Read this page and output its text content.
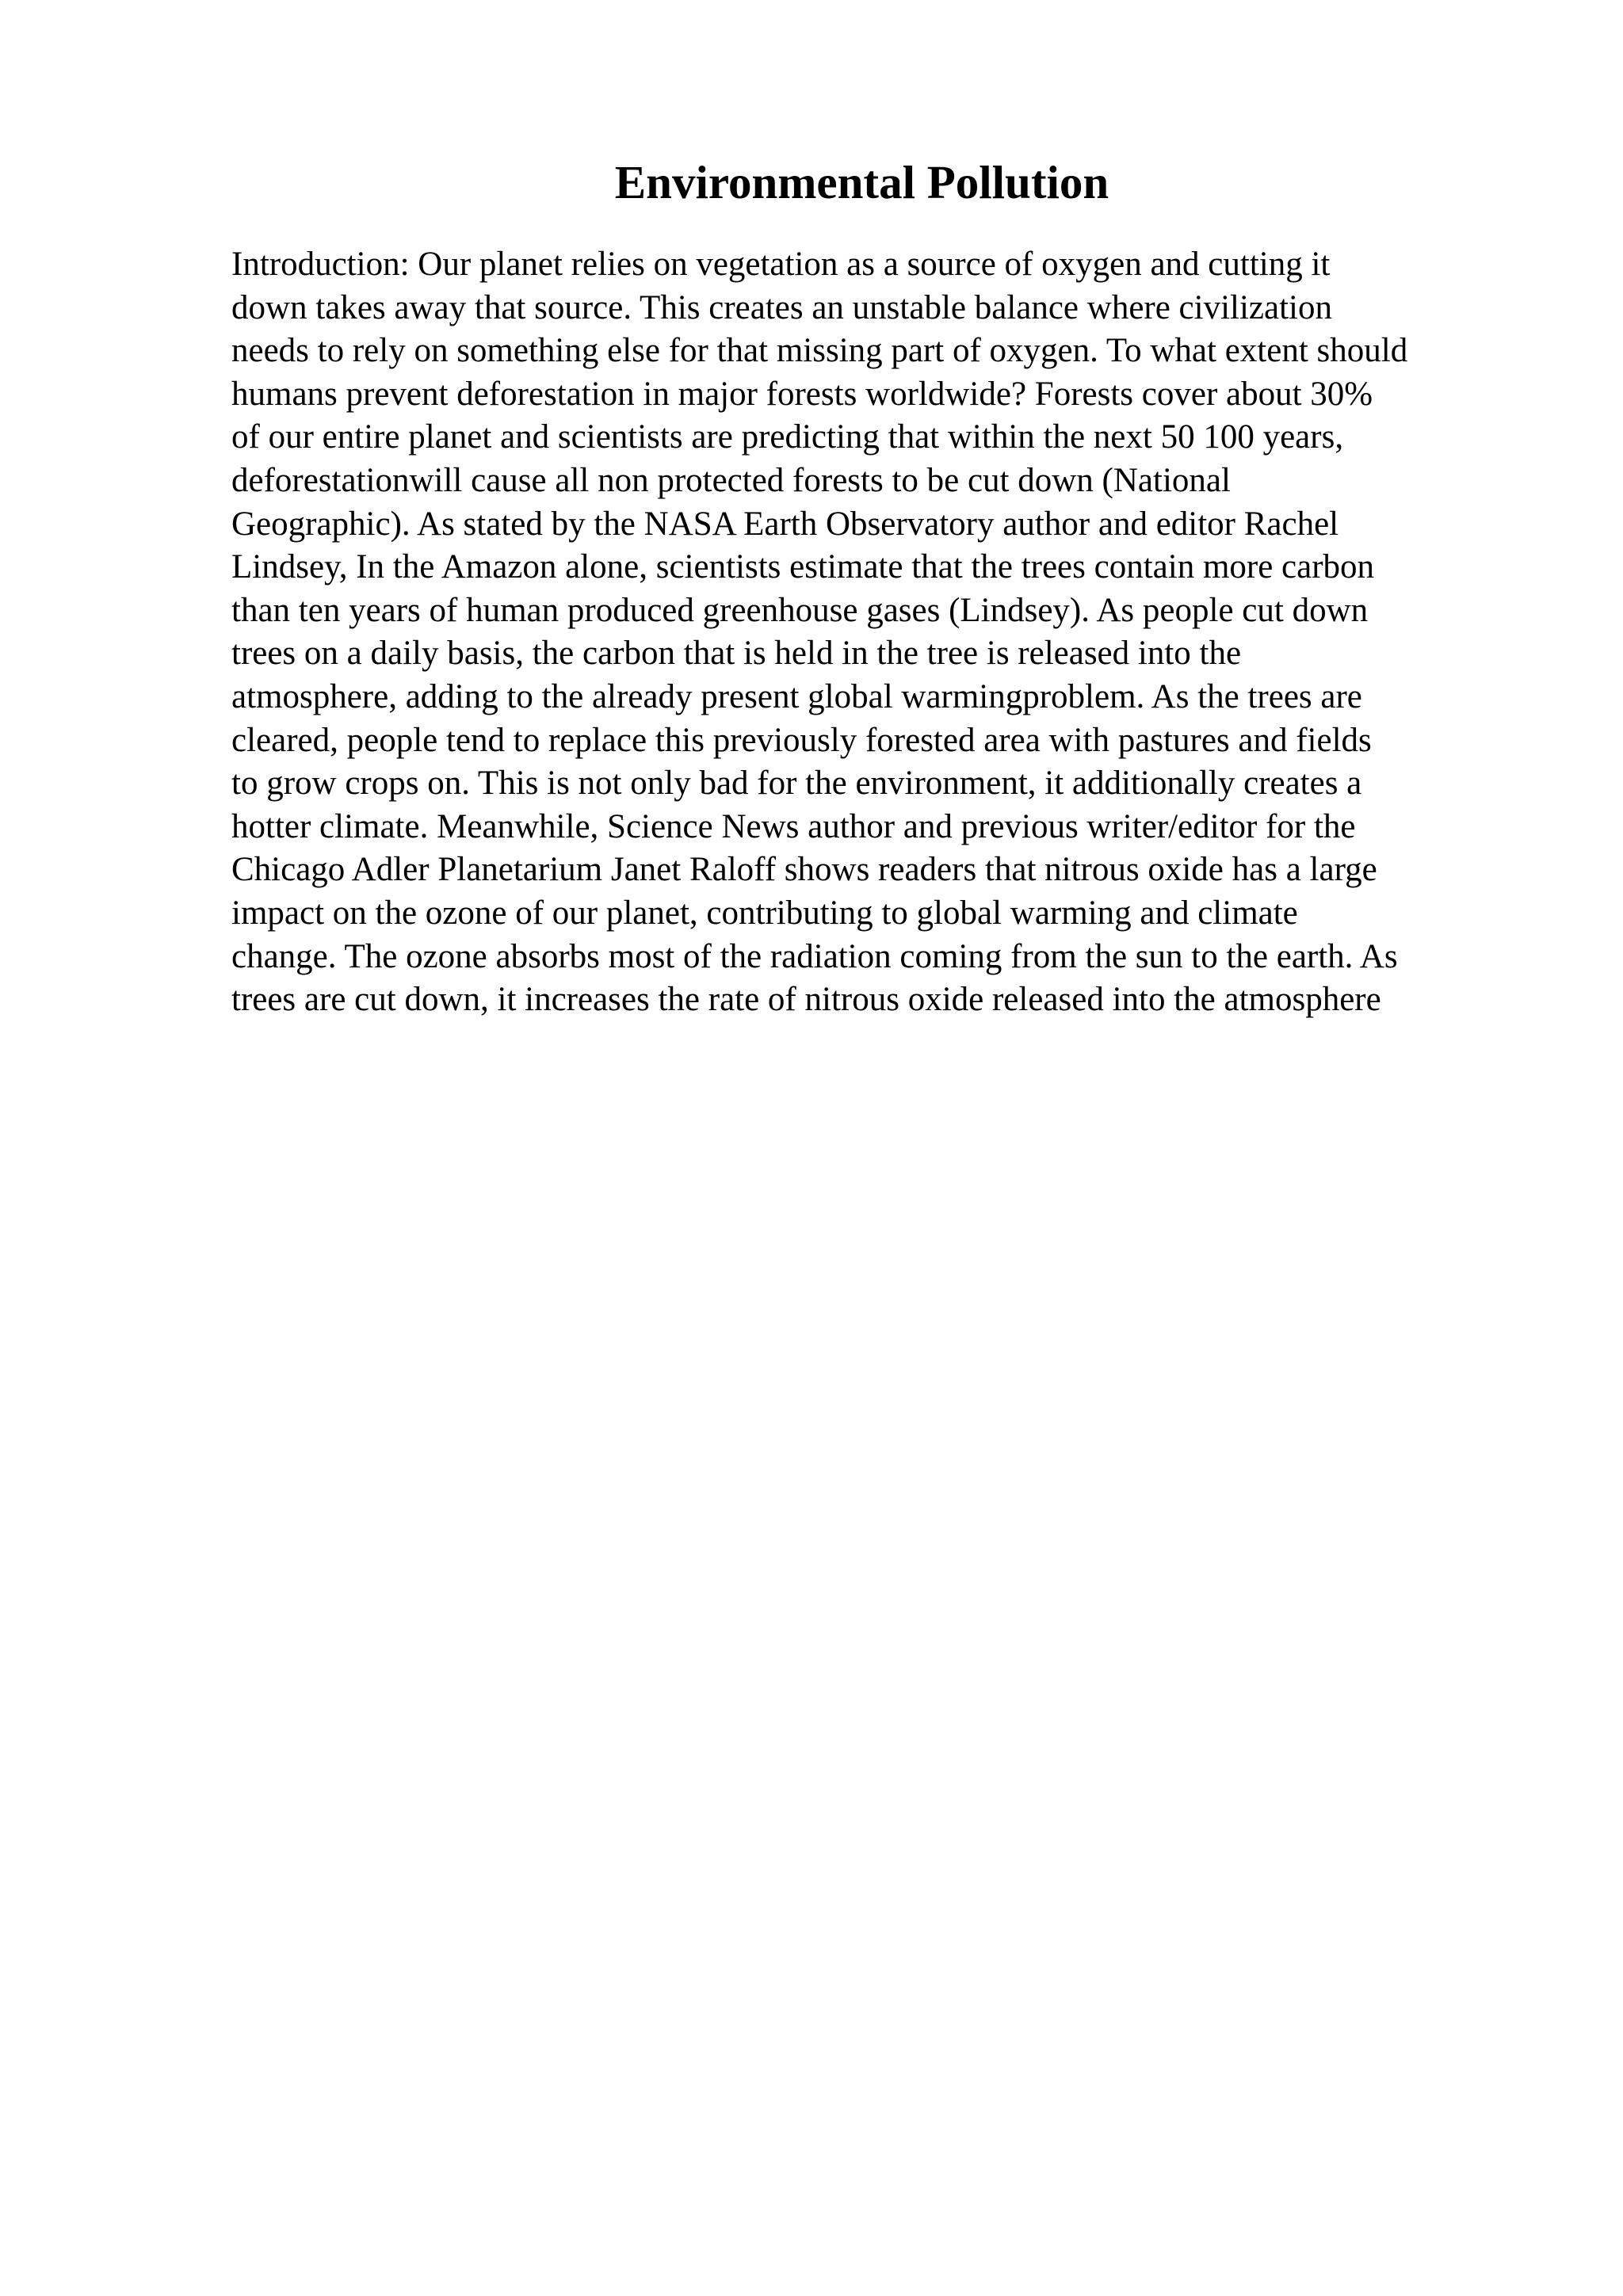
Environmental Pollution
Introduction: Our planet relies on vegetation as a source of oxygen and cutting it
down takes away that source. This creates an unstable balance where civilization
needs to rely on something else for that missing part of oxygen. To what extent should
humans prevent deforestation in major forests worldwide? Forests cover about 30%
of our entire planet and scientists are predicting that within the next 50 100 years,
deforestationwill cause all non protected forests to be cut down (National
Geographic). As stated by the NASA Earth Observatory author and editor Rachel
Lindsey, In the Amazon alone, scientists estimate that the trees contain more carbon
than ten years of human produced greenhouse gases (Lindsey). As people cut down
trees on a daily basis, the carbon that is held in the tree is released into the
atmosphere, adding to the already present global warmingproblem. As the trees are
cleared, people tend to replace this previously forested area with pastures and fields
to grow crops on. This is not only bad for the environment, it additionally creates a
hotter climate. Meanwhile, Science News author and previous writer/editor for the
Chicago Adler Planetarium Janet Raloff shows readers that nitrous oxide has a large
impact on the ozone of our planet, contributing to global warming and climate
change. The ozone absorbs most of the radiation coming from the sun to the earth. As
trees are cut down, it increases the rate of nitrous oxide released into the atmosphere
